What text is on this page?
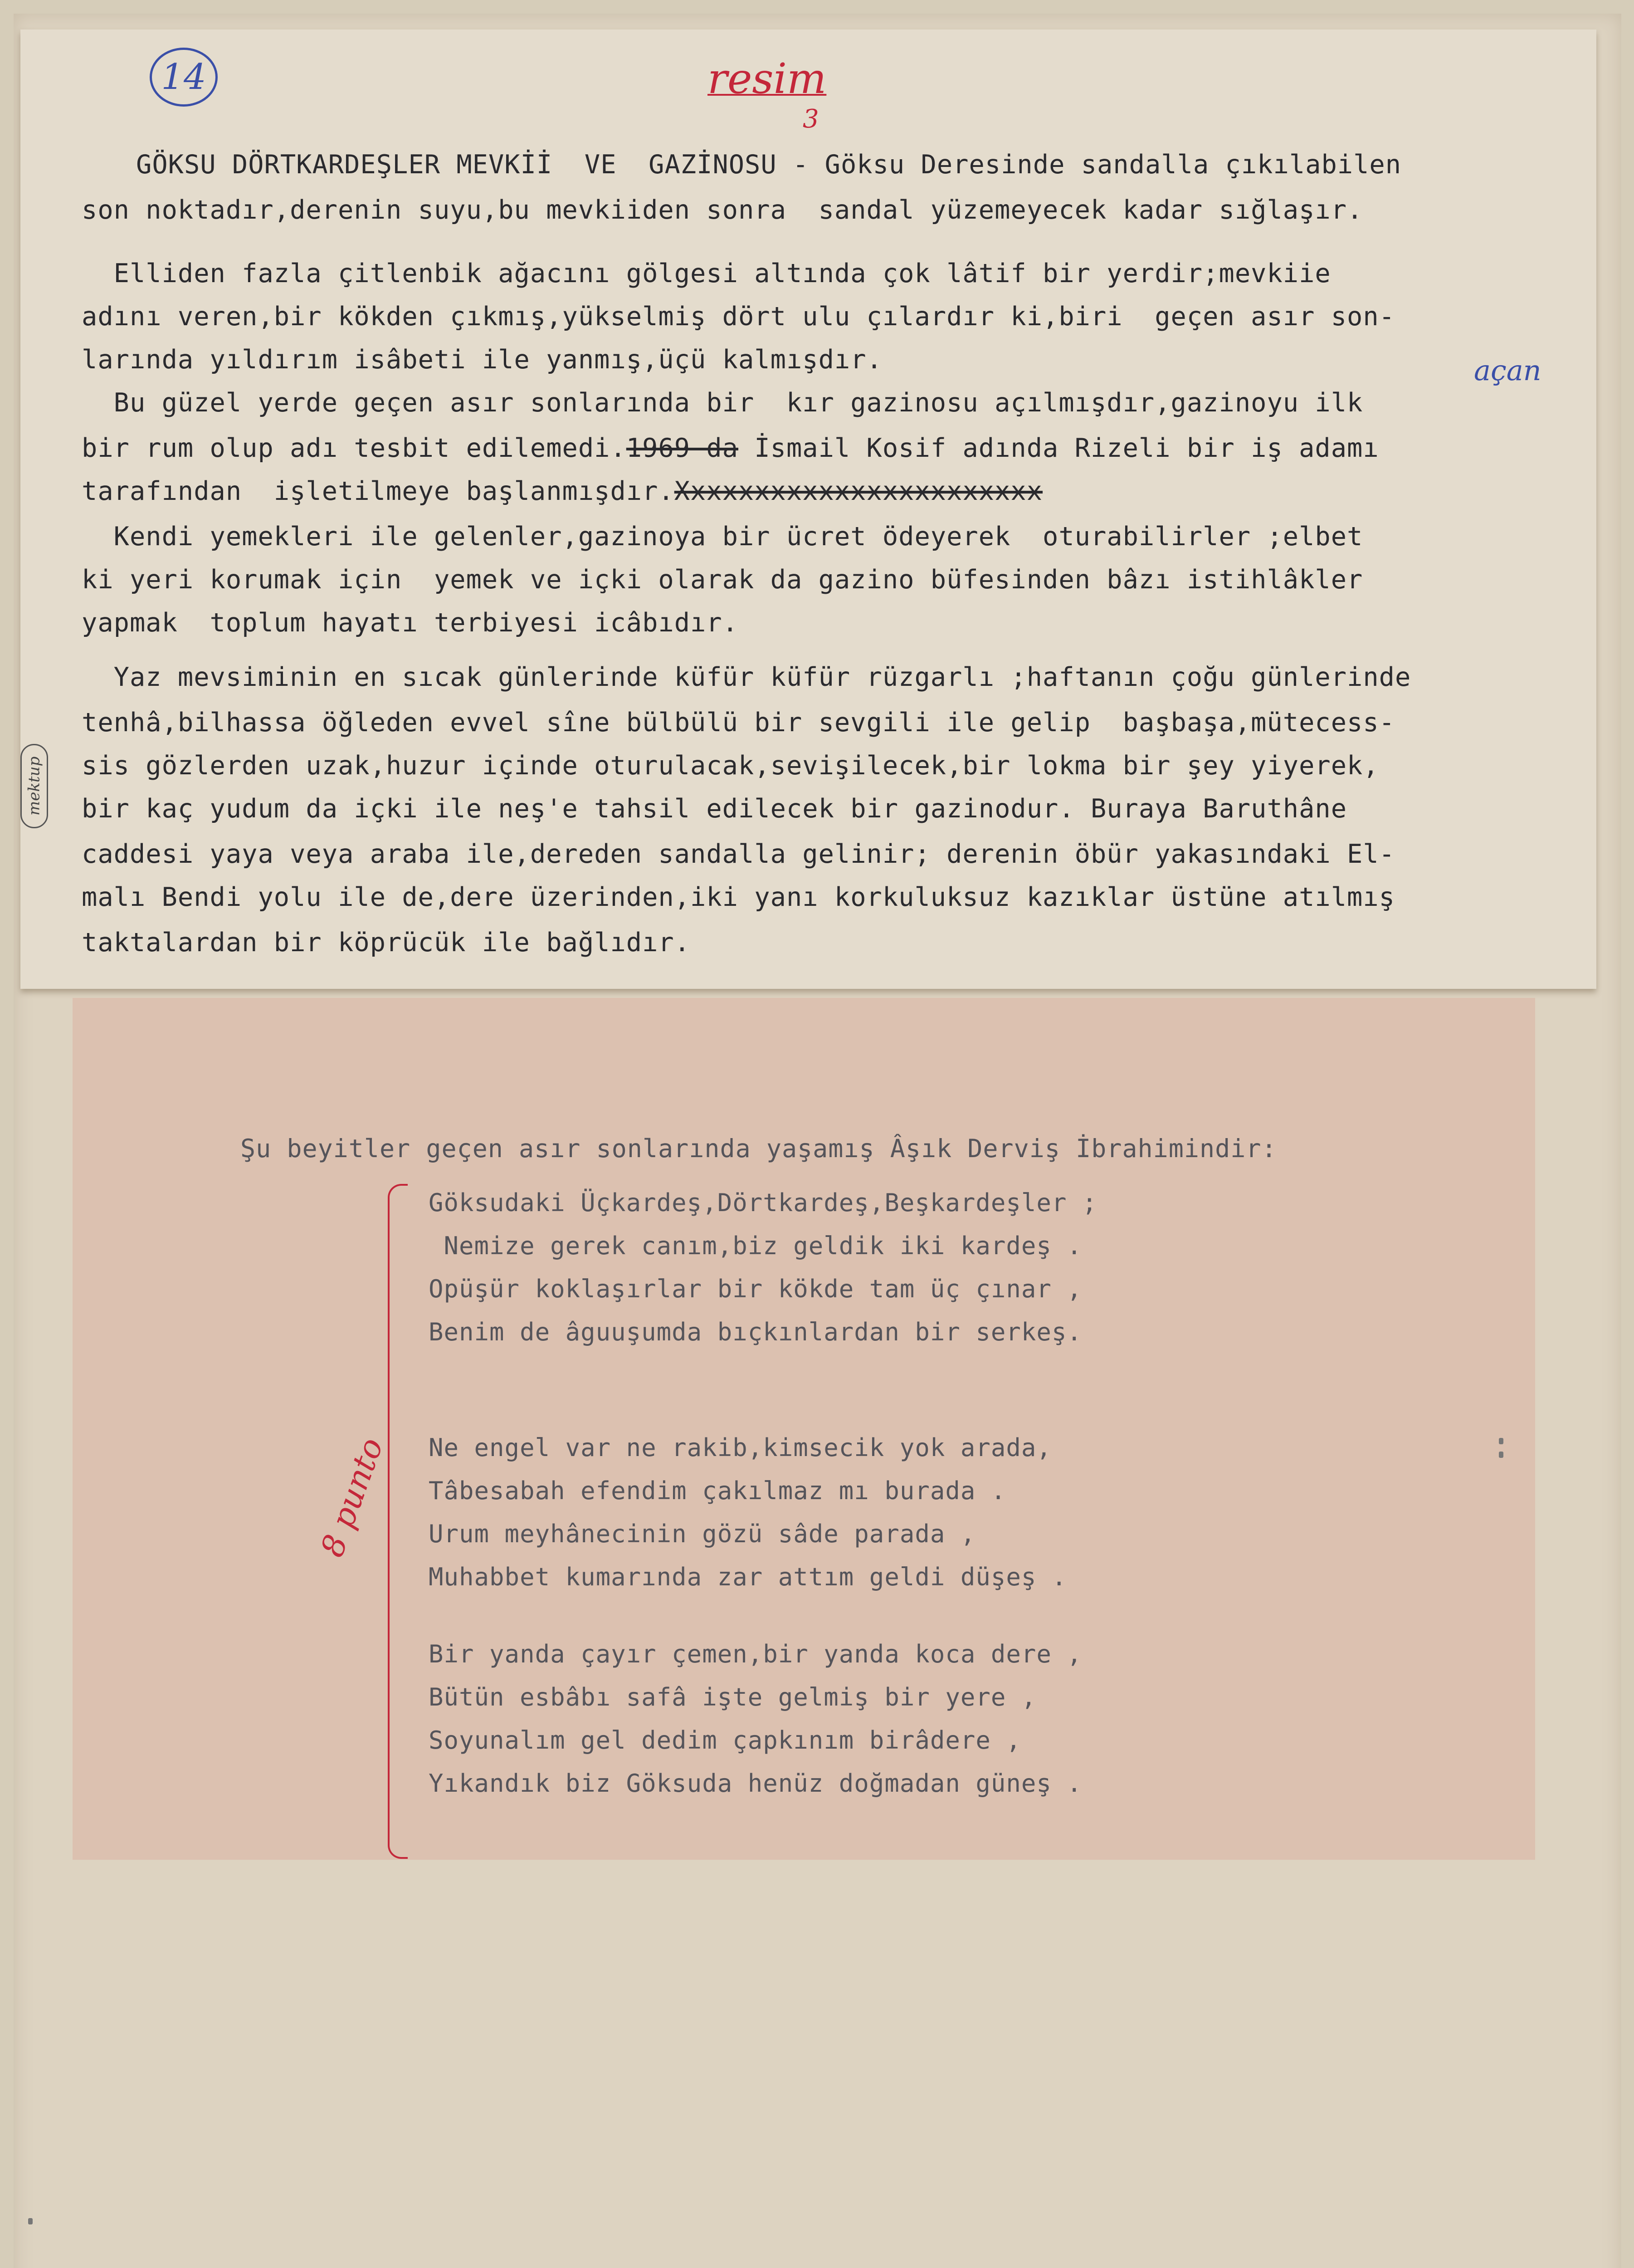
14	resim
3
GÖKSU DÖRTKARDEŞLER MEVKİİ  VE  GAZİNOSU - Göksu Deresinde sandalla çıkılabilen
son noktadır,derenin suyu,bu mevkiiden sonra  sandal yüzemeyecek kadar sığlaşır.
Elliden fazla çitlenbik ağacını gölgesi altında çok lâtif bir yerdir;mevkiie
adını veren,bir kökden çıkmış,yükselmiş dört ulu çılardır ki,biri  geçen asır son-
larında yıldırım isâbeti ile yanmış,üçü kalmışdır.	açan
Bu güzel yerde geçen asır sonlarında bir  kır gazinosu açılmışdır,gazinoyu ilk
bir rum olup adı tesbit edilemedi.1969 da İsmail Kosif adında Rizeli bir iş adamı
tarafından  işletilmeye başlanmışdır.Xxxxxxxxxxxxxxxxxxxxxxx
Kendi yemekleri ile gelenler,gazinoya bir ücret ödeyerek  oturabilirler ;elbet
ki yeri korumak için  yemek ve içki olarak da gazino büfesinden bâzı istihlâkler
yapmak  toplum hayatı terbiyesi icâbıdır.
Yaz mevsiminin en sıcak günlerinde küfür küfür rüzgarlı ;haftanın çoğu günlerinde
tenhâ,bilhassa öğleden evvel sîne bülbülü bir sevgili ile gelip  başbaşa,mütecess-
sis gözlerden uzak,huzur içinde oturulacak,sevişilecek,bir lokma bir şey yiyerek,
bir kaç yudum da içki ile neş'e tahsil edilecek bir gazinodur. Buraya Baruthâne
caddesi yaya veya araba ile,dereden sandalla gelinir; derenin öbür yakasındaki El-
malı Bendi yolu ile de,dere üzerinden,iki yanı korkuluksuz kazıklar üstüne atılmış
taktalardan bir köprücük ile bağlıdır.
mektup
Şu beyitler geçen asır sonlarında yaşamış Âşık Derviş İbrahimindir:
8 punto
Göksudaki Üçkardeş,Dörtkardeş,Beşkardeşler ;
Nemize gerek canım,biz geldik iki kardeş .
Opüşür koklaşırlar bir kökde tam üç çınar ,
Benim de âguuşumda bıçkınlardan bir serkeş.
Ne engel var ne rakib,kimsecik yok arada,
Tâbesabah efendim çakılmaz mı burada .
Urum meyhânecinin gözü sâde parada ,
Muhabbet kumarında zar attım geldi düşeş .
Bir yanda çayır çemen,bir yanda koca dere ,
Bütün esbâbı safâ işte gelmiş bir yere ,
Soyunalım gel dedim çapkınım birâdere ,
Yıkandık biz Göksuda henüz doğmadan güneş .
